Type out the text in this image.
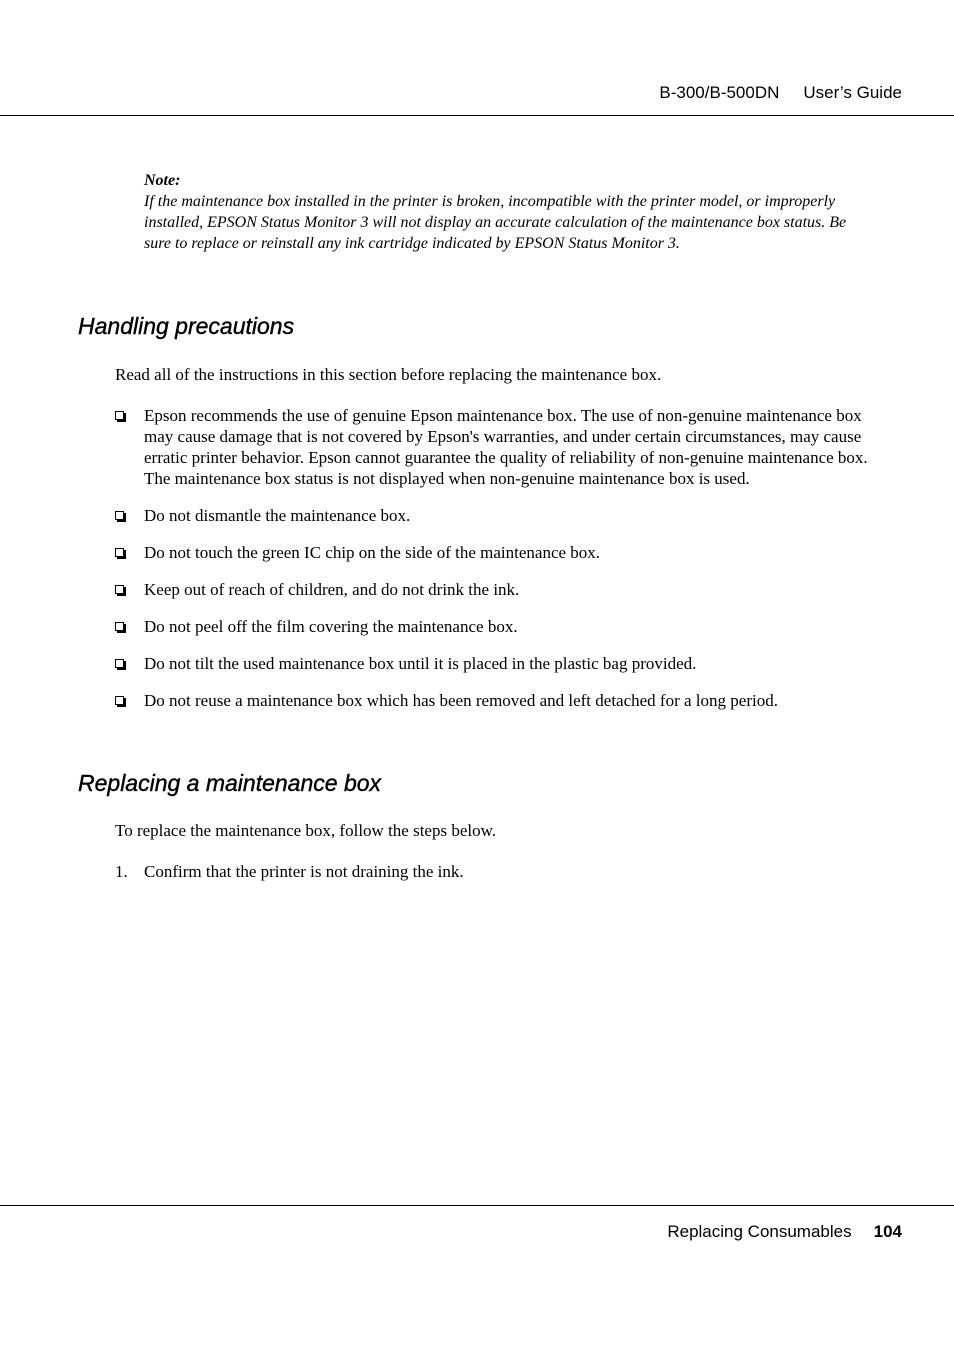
B-300/B-500DN User’s Guide
Note:
If the maintenance box installed in the printer is broken, incompatible with the printer model, or improperly installed, EPSON Status Monitor 3 will not display an accurate calculation of the maintenance box status. Be sure to replace or reinstall any ink cartridge indicated by EPSON Status Monitor 3.
Handling precautions
Read all of the instructions in this section before replacing the maintenance box.
Epson recommends the use of genuine Epson maintenance box. The use of non-genuine maintenance box may cause damage that is not covered by Epson's warranties, and under certain circumstances, may cause erratic printer behavior. Epson cannot guarantee the quality of reliability of non-genuine maintenance box. The maintenance box status is not displayed when non-genuine maintenance box is used.
Do not dismantle the maintenance box.
Do not touch the green IC chip on the side of the maintenance box.
Keep out of reach of children, and do not drink the ink.
Do not peel off the film covering the maintenance box.
Do not tilt the used maintenance box until it is placed in the plastic bag provided.
Do not reuse a maintenance box which has been removed and left detached for a long period.
Replacing a maintenance box
To replace the maintenance box, follow the steps below.
1. Confirm that the printer is not draining the ink.
Replacing Consumables 104
